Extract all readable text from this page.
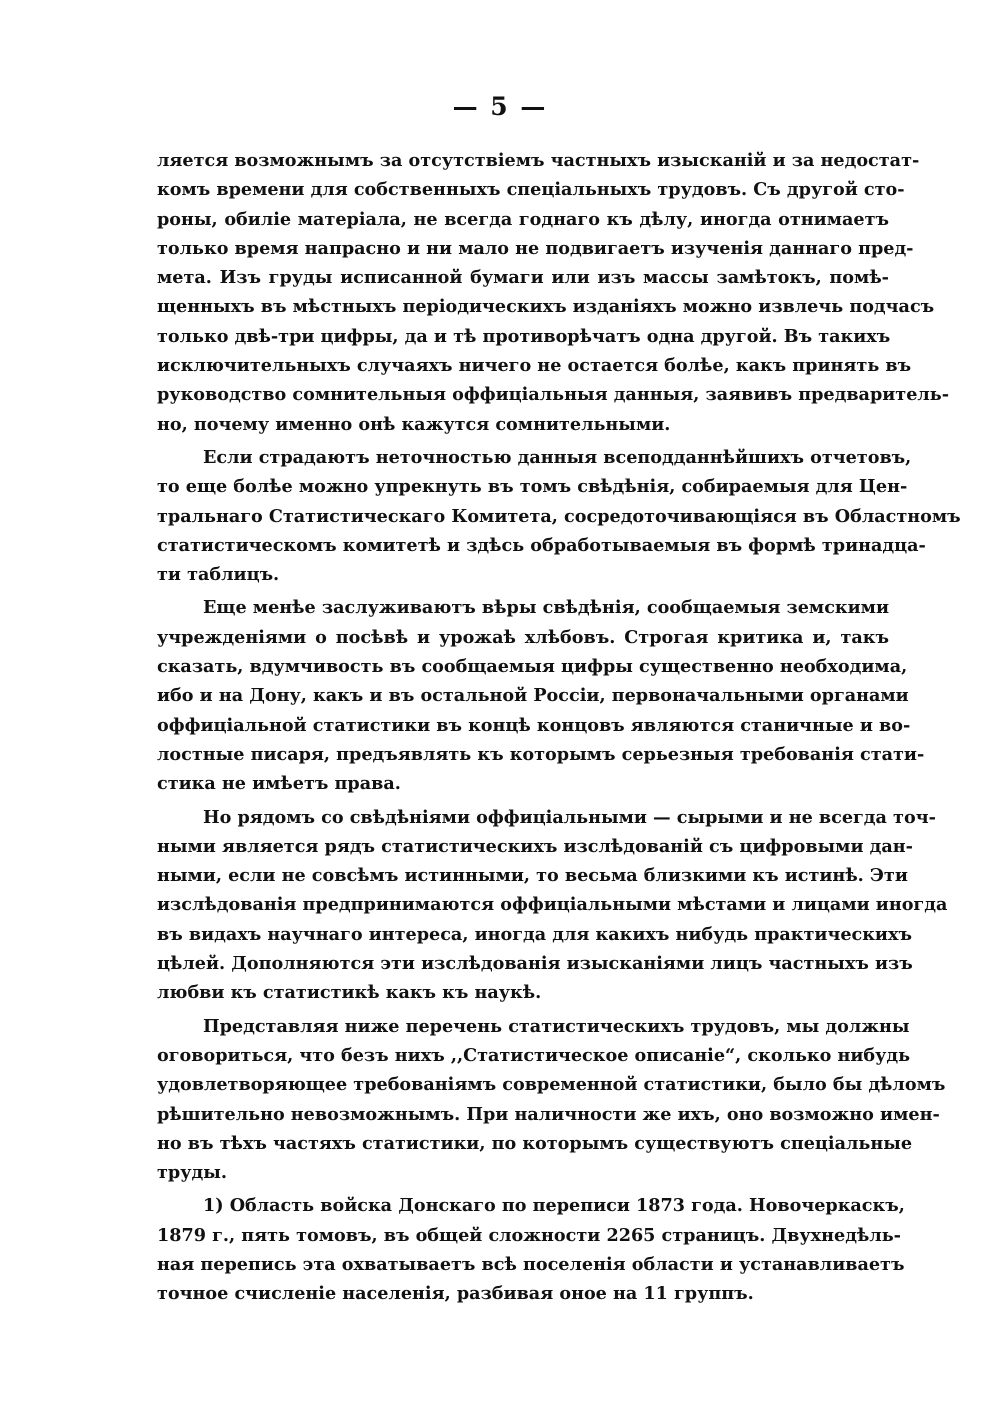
— 5 —
ляется возможнымъ за отсутствіемъ частныхъ изысканій и за недостат-
комъ времени для собственныхъ спеціальныхъ трудовъ. Съ другой сто-
роны, обиліе матеріала, не всегда годнаго къ дѣлу, иногда отнимаетъ
только время напрасно и ни мало не подвигаетъ изученія даннаго пред-
мета. Изъ груды исписанной бумаги или изъ массы замѣтокъ, помѣ-
щенныхъ въ мѣстныхъ періодическихъ изданіяхъ можно извлечь подчасъ
только двѣ-три цифры, да и тѣ противорѣчатъ одна другой. Въ такихъ
исключительныхъ случаяхъ ничего не остается болѣе, какъ принять въ
руководство сомнительныя оффиціальныя данныя, заявивъ предваритель-
но, почему именно онѣ кажутся сомнительными.
Если страдаютъ неточностью данныя всеподданнѣйшихъ отчетовъ,
то еще болѣе можно упрекнуть въ томъ свѣдѣнія, собираемыя для Цен-
тральнаго Статистическаго Комитета, сосредоточивающіяся въ Областномъ
статистическомъ комитетѣ и здѣсь обработываемыя въ формѣ тринадца-
ти таблицъ.
Еще менѣе заслуживаютъ вѣры свѣдѣнія, сообщаемыя земскими
учрежденіями о посѣвѣ и урожаѣ хлѣбовъ. Строгая критика и, такъ
сказать, вдумчивость въ сообщаемыя цифры существенно необходима,
ибо и на Дону, какъ и въ остальной Россіи, первоначальными органами
оффиціальной статистики въ концѣ концовъ являются станичные и во-
лостные писаря, предъявлять къ которымъ серьезныя требованія стати-
стика не имѣетъ права.
Но рядомъ со свѣдѣніями оффиціальными — сырыми и не всегда точ-
ными является рядъ статистическихъ изслѣдованій съ цифровыми дан-
ными, если не совсѣмъ истинными, то весьма близкими къ истинѣ. Эти
изслѣдованія предпринимаются оффиціальными мѣстами и лицами иногда
въ видахъ научнаго интереса, иногда для какихъ нибудь практическихъ
цѣлей. Дополняются эти изслѣдованія изысканіями лицъ частныхъ изъ
любви къ статистикѣ какъ къ наукѣ.
Представляя ниже перечень статистическихъ трудовъ, мы должны
оговориться, что безъ нихъ ,,Статистическое описаніе“, сколько нибудь
удовлетворяющее требованіямъ современной статистики, было бы дѣломъ
рѣшительно невозможнымъ. При наличности же ихъ, оно возможно имен-
но въ тѣхъ частяхъ статистики, по которымъ существуютъ спеціальные
труды.
1) Область войска Донскаго по переписи 1873 года. Новочеркаскъ,
1879 г., пять томовъ, въ общей сложности 2265 страницъ. Двухнедѣль-
ная перепись эта охватываетъ всѣ поселенія области и устанавливаетъ
точное счисленіе населенія, разбивая оное на 11 группъ.
